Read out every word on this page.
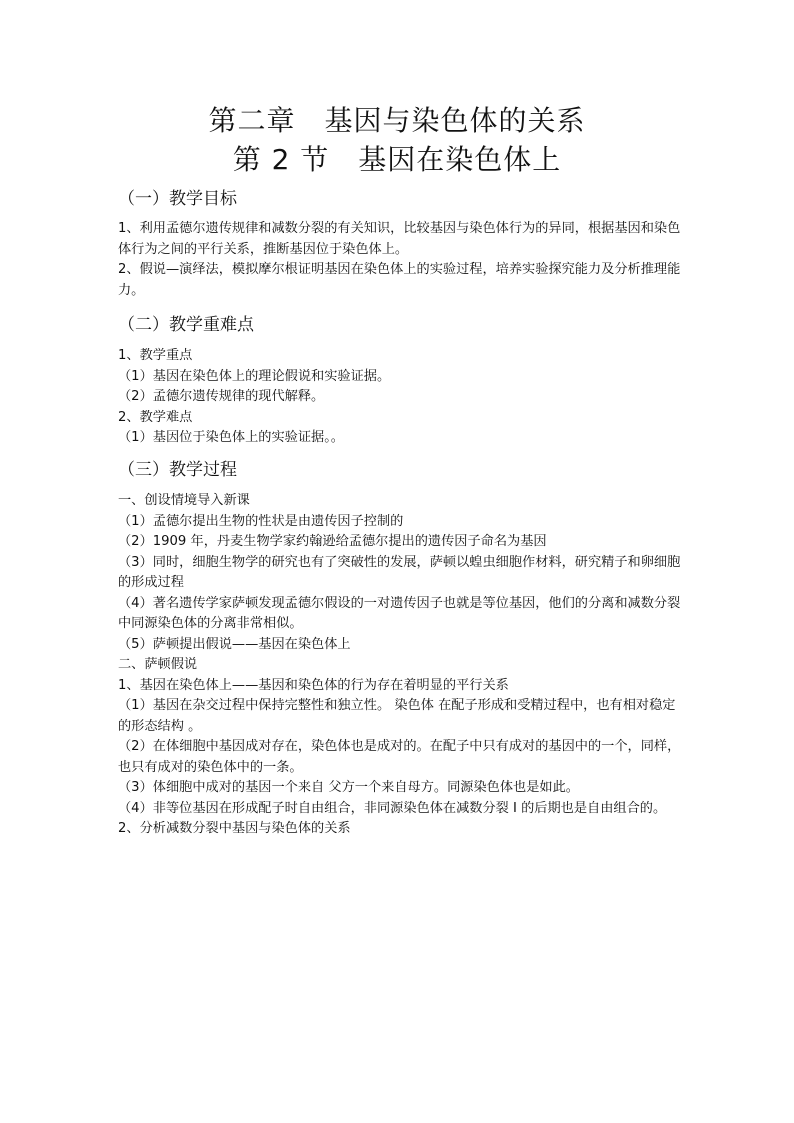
第二章　基因与染色体的关系
第 2 节　基因在染色体上
（一）教学目标

1、利用孟德尔遗传规律和减数分裂的有关知识，比较基因与染色体行为的异同，根据基因和染色体行为之间的平行关系，推断基因位于染色体上。

2、假说—演绎法，模拟摩尔根证明基因在染色体上的实验过程，培养实验探究能力及分析推理能力。

（二）教学重难点

1、教学重点

（1）基因在染色体上的理论假说和实验证据。

（2）孟德尔遗传规律的现代解释。

2、教学难点

（1）基因位于染色体上的实验证据。。

（三）教学过程

一、创设情境导入新课

（1）孟德尔提出生物的性状是由遗传因子控制的

（2）1909 年，丹麦生物学家约翰逊给孟德尔提出的遗传因子命名为基因

（3）同时，细胞生物学的研究也有了突破性的发展，萨顿以蝗虫细胞作材料，研究精子和卵细胞的形成过程

（4）著名遗传学家萨顿发现孟德尔假设的一对遗传因子也就是等位基因，他们的分离和减数分裂中同源染色体的分离非常相似。

（5）萨顿提出假说——基因在染色体上

二、萨顿假说

1、基因在染色体上——基因和染色体的行为存在着明显的平行关系

（1）基因在杂交过程中保持完整性和独立性。 染色体 在配子形成和受精过程中，也有相对稳定的形态结构 。

（2）在体细胞中基因成对存在，染色体也是成对的。在配子中只有成对的基因中的一个，同样，也只有成对的染色体中的一条。

（3）体细胞中成对的基因一个来自 父方一个来自母方。同源染色体也是如此。

（4）非等位基因在形成配子时自由组合，非同源染色体在减数分裂 I 的后期也是自由组合的。

2、分析减数分裂中基因与染色体的关系
